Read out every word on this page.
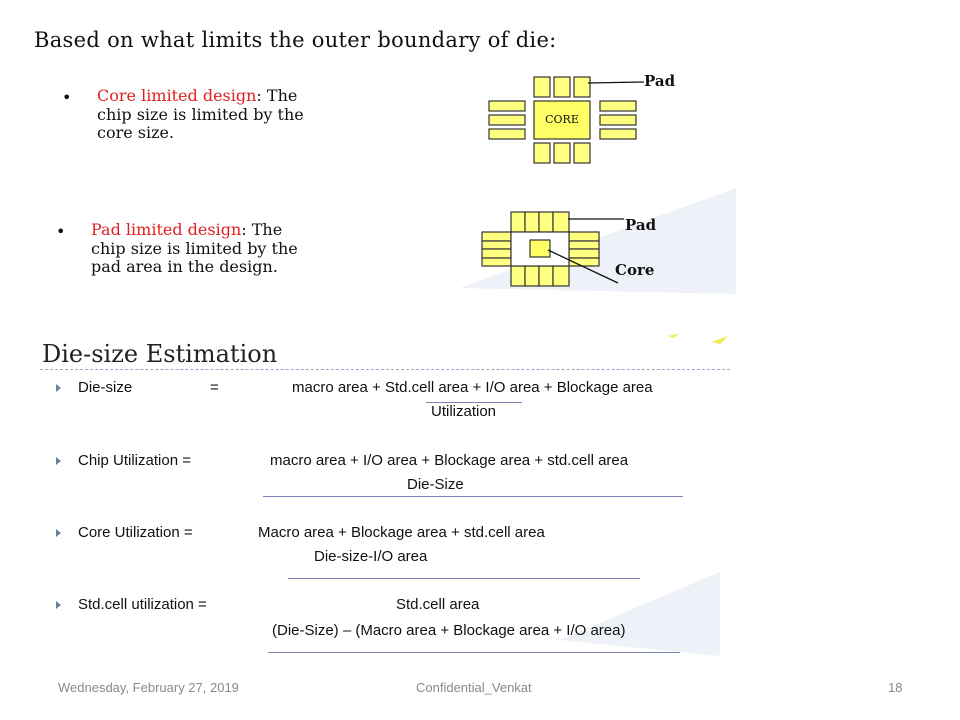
Based on what limits the outer boundary of die:
• Core limited design: The
chip size is limited by the
core size.
CORE
Pad
• Pad limited design: The
chip size is limited by the
pad area in the design.
Pad
Core
Die-size Estimation
Die-size	=	macro area + Std.cell area + I/O area + Blockage area
Utilization
Chip Utilization =	macro area + I/O area + Blockage area + std.cell area
Die-Size
Core Utilization =	Macro area + Blockage area + std.cell area
Die-size-I/O area
Std.cell utilization =	Std.cell area
(Die-Size) – (Macro area + Blockage area + I/O area)
Wednesday, February 27, 2019	Confidential_Venkat	18
